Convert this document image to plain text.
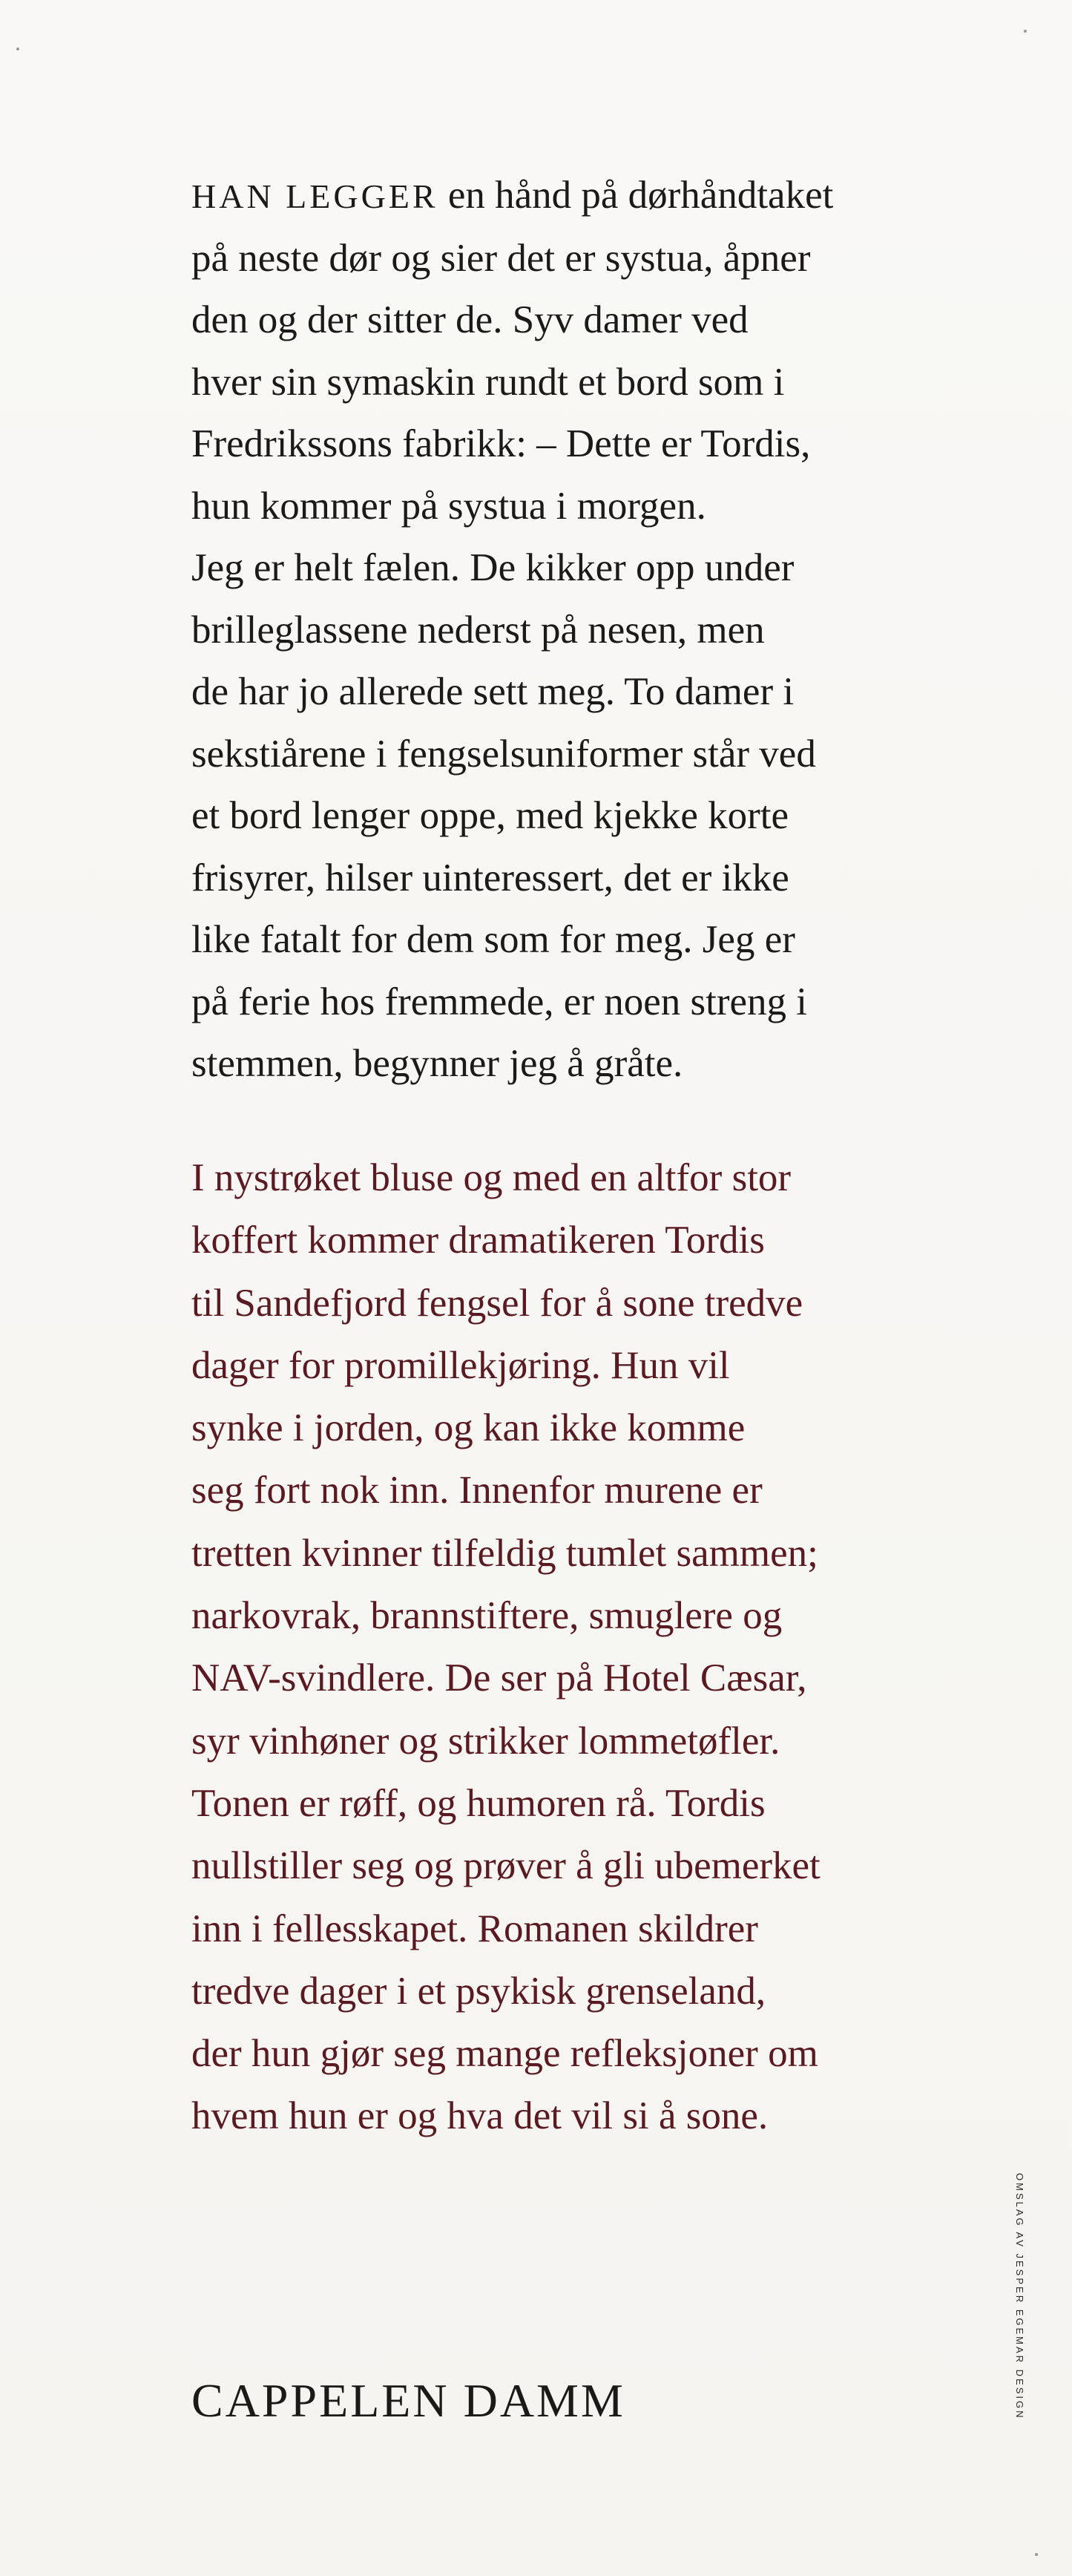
HAN LEGGER en hånd på dørhåndtaket
på neste dør og sier det er systua, åpner
den og der sitter de. Syv damer ved
hver sin symaskin rundt et bord som i
Fredrikssons fabrikk: – Dette er Tordis,
hun kommer på systua i morgen.
Jeg er helt fælen. De kikker opp under
brilleglassene nederst på nesen, men
de har jo allerede sett meg. To damer i
sekstiårene i fengselsuniformer står ved
et bord lenger oppe, med kjekke korte
frisyrer, hilser uinteressert, det er ikke
like fatalt for dem som for meg. Jeg er
på ferie hos fremmede, er noen streng i
stemmen, begynner jeg å gråte.
I nystrøket bluse og med en altfor stor
koffert kommer dramatikeren Tordis
til Sandefjord fengsel for å sone tredve
dager for promillekjøring. Hun vil
synke i jorden, og kan ikke komme
seg fort nok inn. Innenfor murene er
tretten kvinner tilfeldig tumlet sammen;
narkovrak, brannstiftere, smuglere og
NAV-svindlere. De ser på Hotel Cæsar,
syr vinhøner og strikker lommetøfler.
Tonen er røff, og humoren rå. Tordis
nullstiller seg og prøver å gli ubemerket
inn i fellesskapet. Romanen skildrer
tredve dager i et psykisk grenseland,
der hun gjør seg mange refleksjoner om
hvem hun er og hva det vil si å sone.
CAPPELEN DAMM	OMSLAG AV JESPER EGEMAR DESIGN
